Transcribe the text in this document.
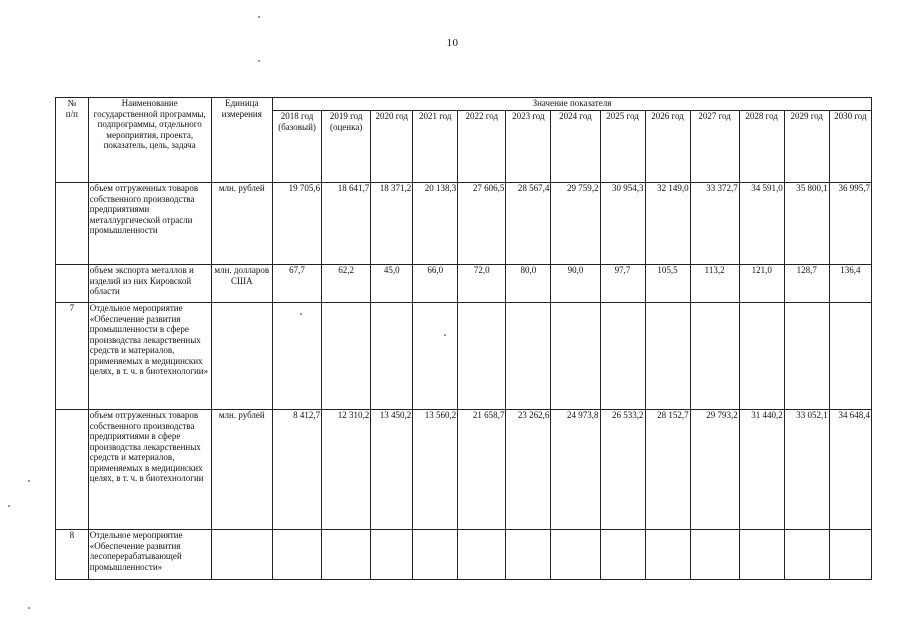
10
№
п/п	Наименование государственной программы, подпрограммы, отдельного мероприятия, проекта, показатель, цель, задача	Единица измерения	Значение показателя												
			2018 год (базовый)	2019 год (оценка)	2020 год	2021 год	2022 год	2023 год	2024 год	2025 год	2026 год	2027 год	2028 год	2029 год	2030 год
	объем отгруженных товаров собственного производства предприятиями металлургической отрасли промышленности	млн. рублей	19 705,6	18 641,7	18 371,2	20 138,3	27 606,5	28 567,4	29 759,2	30 954,3	32 149,0	33 372,7	34 591,0	35 800,1	36 995,7
	объем экспорта металлов и изделий из них Кировской области	млн. долларов США	67,7	62,2	45,0	66,0	72,0	80,0	90,0	97,7	105,5	113,2	121,0	128,7	136,4
7	Отдельное мероприятие «Обеспечение развития промышленности в сфере производства лекарственных средств и материалов, применяемых в медицинских целях, в т. ч. в биотехнологии»														
	объем отгруженных товаров собственного производства предприятиями в сфере производства лекарственных средств и материалов, применяемых в медицинских целях, в т. ч. в биотехнологии	млн. рублей	8 412,7	12 310,2	13 450,2	13 560,2	21 658,7	23 262,6	24 973,8	26 533,2	28 152,7	29 793,2	31 440,2	33 052,1	34 648,4
8	Отдельное мероприятие «Обеспечение развития лесоперерабатывающей промышленности»														
